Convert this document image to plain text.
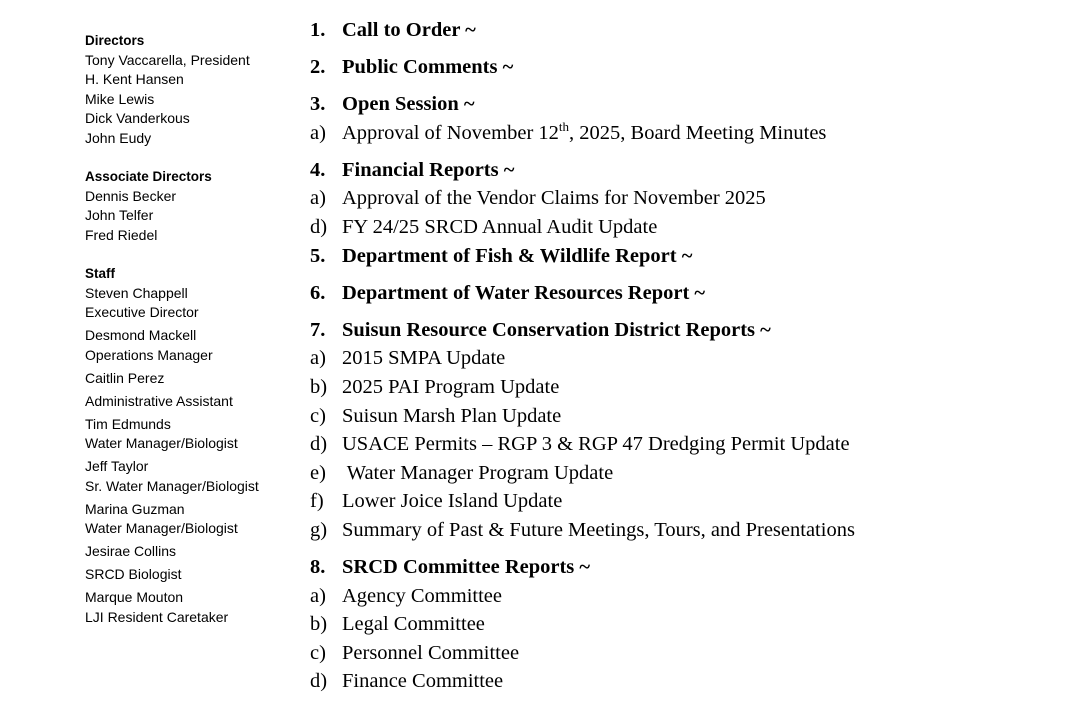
Directors
Tony Vaccarella, President
H. Kent Hansen
Mike Lewis
Dick Vanderkous
John Eudy
Associate Directors
Dennis Becker
John Telfer
Fred Riedel
Staff
Steven Chappell
Executive Director
Desmond Mackell
Operations Manager
Caitlin Perez
Administrative Assistant
Tim Edmunds
Water Manager/Biologist
Jeff Taylor
Sr. Water Manager/Biologist
Marina Guzman
Water Manager/Biologist
Jesirae Collins
SRCD Biologist
Marque Mouton
LJI Resident Caretaker
1. Call to Order ~
2. Public Comments ~
3. Open Session ~
a) Approval of November 12th, 2025, Board Meeting Minutes
4. Financial Reports ~
a) Approval of the Vendor Claims for November 2025
d) FY 24/25 SRCD Annual Audit Update
5. Department of Fish & Wildlife Report ~
6. Department of Water Resources Report ~
7. Suisun Resource Conservation District Reports ~
a) 2015 SMPA Update
b) 2025 PAI Program Update
c) Suisun Marsh Plan Update
d) USACE Permits – RGP 3 & RGP 47 Dredging Permit Update
e) Water Manager Program Update
f) Lower Joice Island Update
g) Summary of Past & Future Meetings, Tours, and Presentations
8. SRCD Committee Reports ~
a) Agency Committee
b) Legal Committee
c) Personnel Committee
d) Finance Committee
